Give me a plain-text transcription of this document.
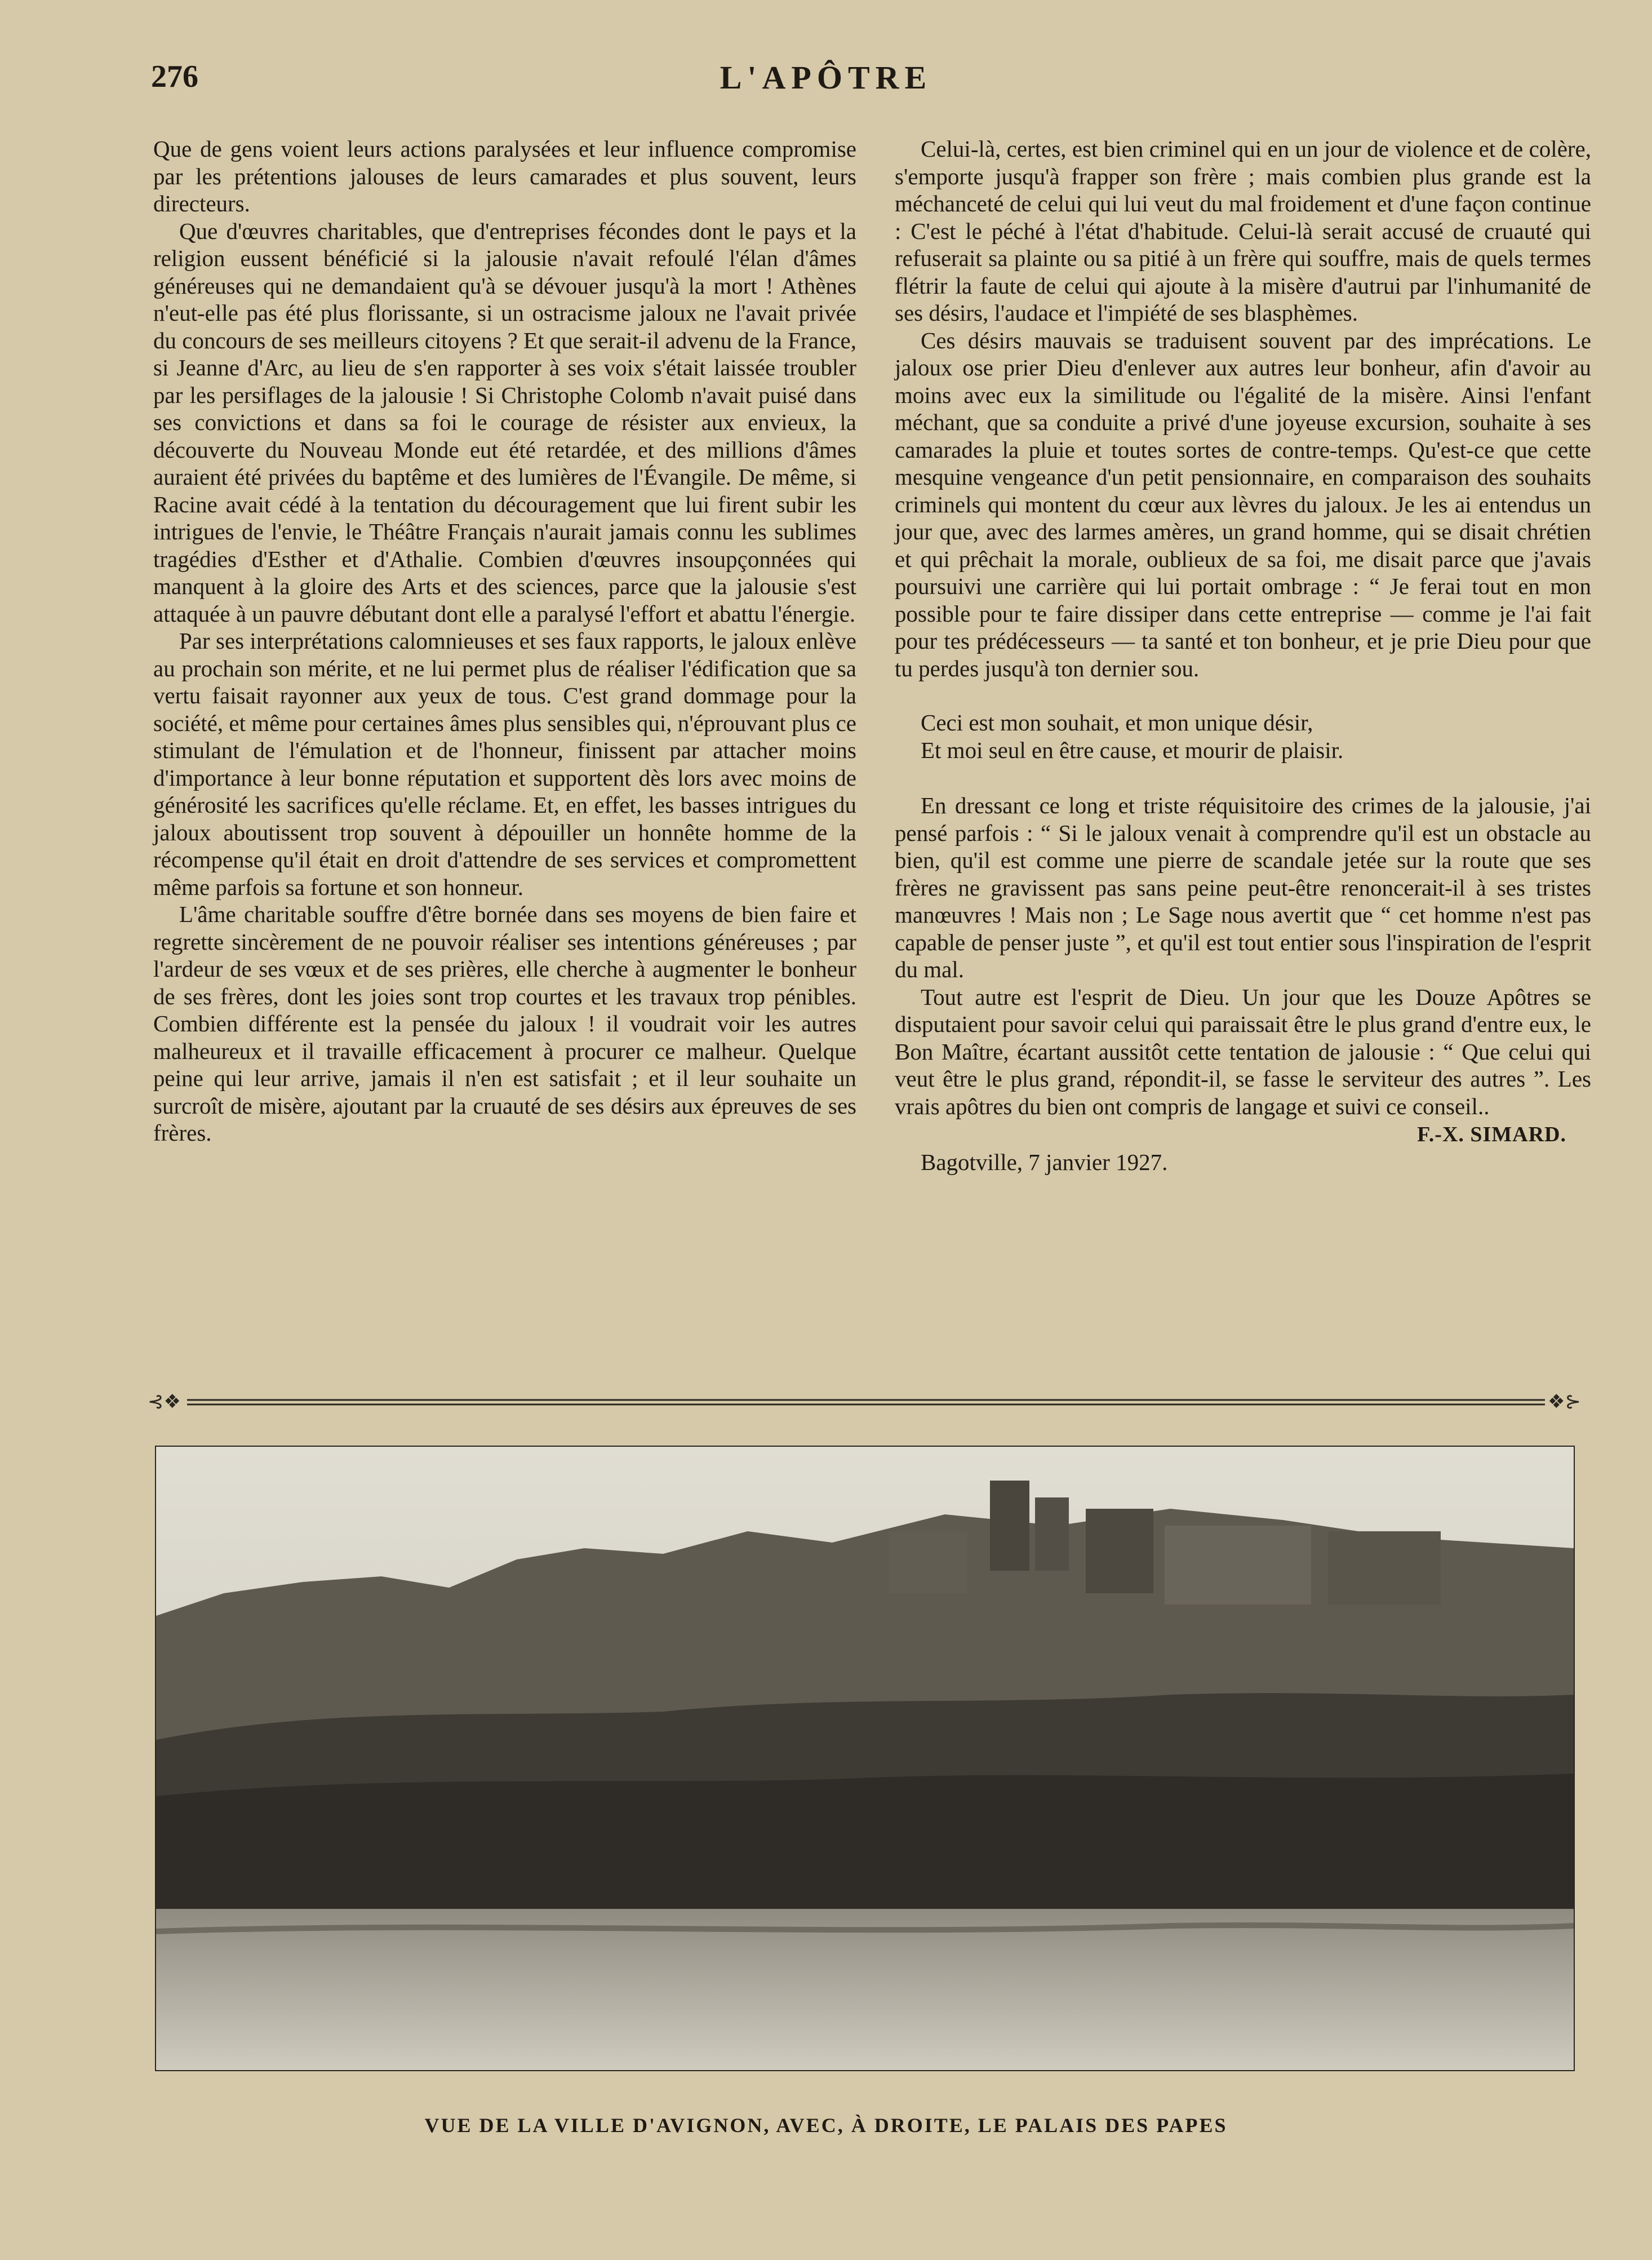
276	L'APÔTRE

Que de gens voient leurs actions paralysées et leur influence compromise par les prétentions jalouses de leurs camarades et plus souvent, leurs directeurs.

Que d'œuvres charitables, que d'entreprises fécondes dont le pays et la religion eussent bénéficié si la jalousie n'avait refoulé l'élan d'âmes généreuses qui ne demandaient qu'à se dévouer jusqu'à la mort ! Athènes n'eut-elle pas été plus florissante, si un ostracisme jaloux ne l'avait privée du concours de ses meilleurs citoyens ? Et que serait-il advenu de la France, si Jeanne d'Arc, au lieu de s'en rapporter à ses voix s'était laissée troubler par les persiflages de la jalousie ! Si Christophe Colomb n'avait puisé dans ses convictions et dans sa foi le courage de résister aux envieux, la découverte du Nouveau Monde eut été retardée, et des millions d'âmes auraient été privées du baptême et des lumières de l'Évangile. De même, si Racine avait cédé à la tentation du découragement que lui firent subir les intrigues de l'envie, le Théâtre Français n'aurait jamais connu les sublimes tragédies d'Esther et d'Athalie. Combien d'œuvres insoupçonnées qui manquent à la gloire des Arts et des sciences, parce que la jalousie s'est attaquée à un pauvre débutant dont elle a paralysé l'effort et abattu l'énergie.

Par ses interprétations calomnieuses et ses faux rapports, le jaloux enlève au prochain son mérite, et ne lui permet plus de réaliser l'édification que sa vertu faisait rayonner aux yeux de tous. C'est grand dommage pour la société, et même pour certaines âmes plus sensibles qui, n'éprouvant plus ce stimulant de l'émulation et de l'honneur, finissent par attacher moins d'importance à leur bonne réputation et supportent dès lors avec moins de générosité les sacrifices qu'elle réclame. Et, en effet, les basses intrigues du jaloux aboutissent trop souvent à dépouiller un honnête homme de la récompense qu'il était en droit d'attendre de ses services et compromettent même parfois sa fortune et son honneur.

L'âme charitable souffre d'être bornée dans ses moyens de bien faire et regrette sincèrement de ne pouvoir réaliser ses intentions généreuses ; par l'ardeur de ses vœux et de ses prières, elle cherche à augmenter le bonheur de ses frères, dont les joies sont trop courtes et les travaux trop pénibles. Combien différente est la pensée du jaloux ! il voudrait voir les autres malheureux et il travaille efficacement à procurer ce malheur. Quelque peine qui leur arrive, jamais il n'en est satisfait ; et il leur souhaite un surcroît de misère, ajoutant par la cruauté de ses désirs aux épreuves de ses frères.

Celui-là, certes, est bien criminel qui en un jour de violence et de colère, s'emporte jusqu'à frapper son frère ; mais combien plus grande est la méchanceté de celui qui lui veut du mal froidement et d'une façon continue : C'est le péché à l'état d'habitude. Celui-là serait accusé de cruauté qui refuserait sa plainte ou sa pitié à un frère qui souffre, mais de quels termes flétrir la faute de celui qui ajoute à la misère d'autrui par l'inhumanité de ses désirs, l'audace et l'impiété de ses blasphèmes.

Ces désirs mauvais se traduisent souvent par des imprécations. Le jaloux ose prier Dieu d'enlever aux autres leur bonheur, afin d'avoir au moins avec eux la similitude ou l'égalité de la misère. Ainsi l'enfant méchant, que sa conduite a privé d'une joyeuse excursion, souhaite à ses camarades la pluie et toutes sortes de contre-temps. Qu'est-ce que cette mesquine vengeance d'un petit pensionnaire, en comparaison des souhaits criminels qui montent du cœur aux lèvres du jaloux. Je les ai entendus un jour que, avec des larmes amères, un grand homme, qui se disait chrétien et qui prêchait la morale, oublieux de sa foi, me disait parce que j'avais poursuivi une carrière qui lui portait ombrage : “ Je ferai tout en mon possible pour te faire dissiper dans cette entreprise — comme je l'ai fait pour tes prédécesseurs — ta santé et ton bonheur, et je prie Dieu pour que tu perdes jusqu'à ton dernier sou.

Ceci est mon souhait, et mon unique désir,
Et moi seul en être cause, et mourir de plaisir.

En dressant ce long et triste réquisitoire des crimes de la jalousie, j'ai pensé parfois : “ Si le jaloux venait à comprendre qu'il est un obstacle au bien, qu'il est comme une pierre de scandale jetée sur la route que ses frères ne gravissent pas sans peine peut-être renoncerait-il à ses tristes manœuvres ! Mais non ; Le Sage nous avertit que “ cet homme n'est pas capable de penser juste ”, et qu'il est tout entier sous l'inspiration de l'esprit du mal.

Tout autre est l'esprit de Dieu. Un jour que les Douze Apôtres se disputaient pour savoir celui qui paraissait être le plus grand d'entre eux, le Bon Maître, écartant aussitôt cette tentation de jalousie : “ Que celui qui veut être le plus grand, répondit-il, se fasse le serviteur des autres ”. Les vrais apôtres du bien ont compris de langage et suivi ce conseil..

F.-X. SIMARD.

Bagotville, 7 janvier 1927.

⊰❖	❖⊱
VUE DE LA VILLE D'AVIGNON, AVEC, À DROITE, LE PALAIS DES PAPES
